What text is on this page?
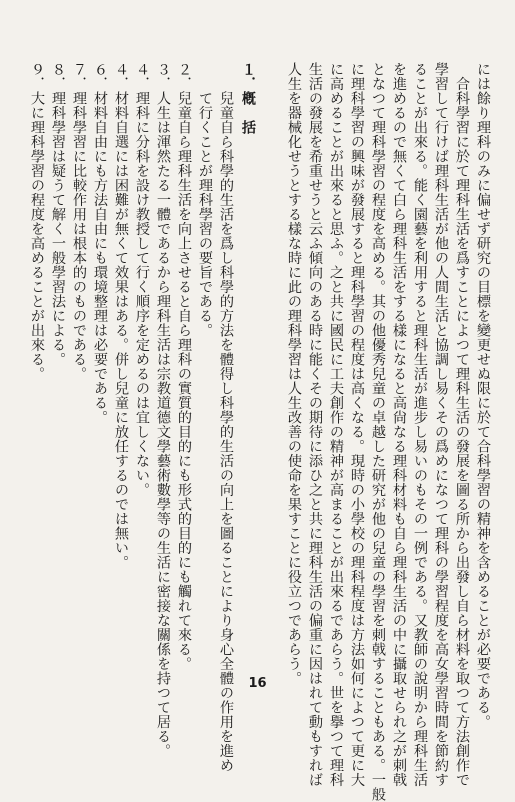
には餘り理科のみに偏せず研究の目標を變更せぬ限に於て合科學習の精神を含めることが必要である。
　合科學習に於て理科生活を爲すことによつて理科生活の發展を圖る所から出發し自ら材料を取つて方法創作で
學習して行けば理科生活が他の人間生活と協調し易くその爲めになつて理科の學習程度を高女學習時間を節約す
ることが出來る。能く園藝を利用すると理科生活が進步し易いのもその一例である。又教師の說明から理科生活
を進めるので無くて白ら理科生活をする樣になると高尙なる理科材料も自ら理科生活の中に攝取せられ之が刺戟
となつて理科學習の程度を高める。其の他優秀兒童の卓越した研究が他の兒童の學習を刺戟することもある。一般
に理科學習の興味が發展すると理科學習の程度は高くなる。現時の小學校の理科程度は方法如何によつて更に大
に高めることが出來ると思ふ。之と共に國民に工夫創作の精神が高まることが出來るであらう。世を擧つて理科
生活の發展を希重せうと云ふ傾向のある時に能くその期待に添ひ之と共に理科生活の偏重に因はれて動もすれば
人生を器械化せうとする樣な時に此の理科學習は人生改善の使命を果すことに役立つであらう。
１．槪　括
　　兒童自ら科學的生活を爲し科學的方法を體得し科學的生活の向上を圖ることにより身心全體の作用を進め
　　て行くことが理科學習の要旨である。
２．兒童自ら理科生活を向上させると自ら理科の實質的目的にも形式的目的にも觸れて來る。
３．人生は渾然たる一體であるから理科生活は宗教道德文學藝術數學等の生活に密接な關係を持つて居る。
４．理科に分科を設け教授して行く順序を定めるのは宜しくない。
４．材料自選には困難が無くて效果はある。併し兒童に放任するのでは無い。
６．材料自由にも方法自由にも環境整理は必要である。
７．理科學習に比較作用は根本的のものである。
８．理科學習は疑うて解く一般學習法による。
９．大に理科學習の程度を高めることが出來る。
16
